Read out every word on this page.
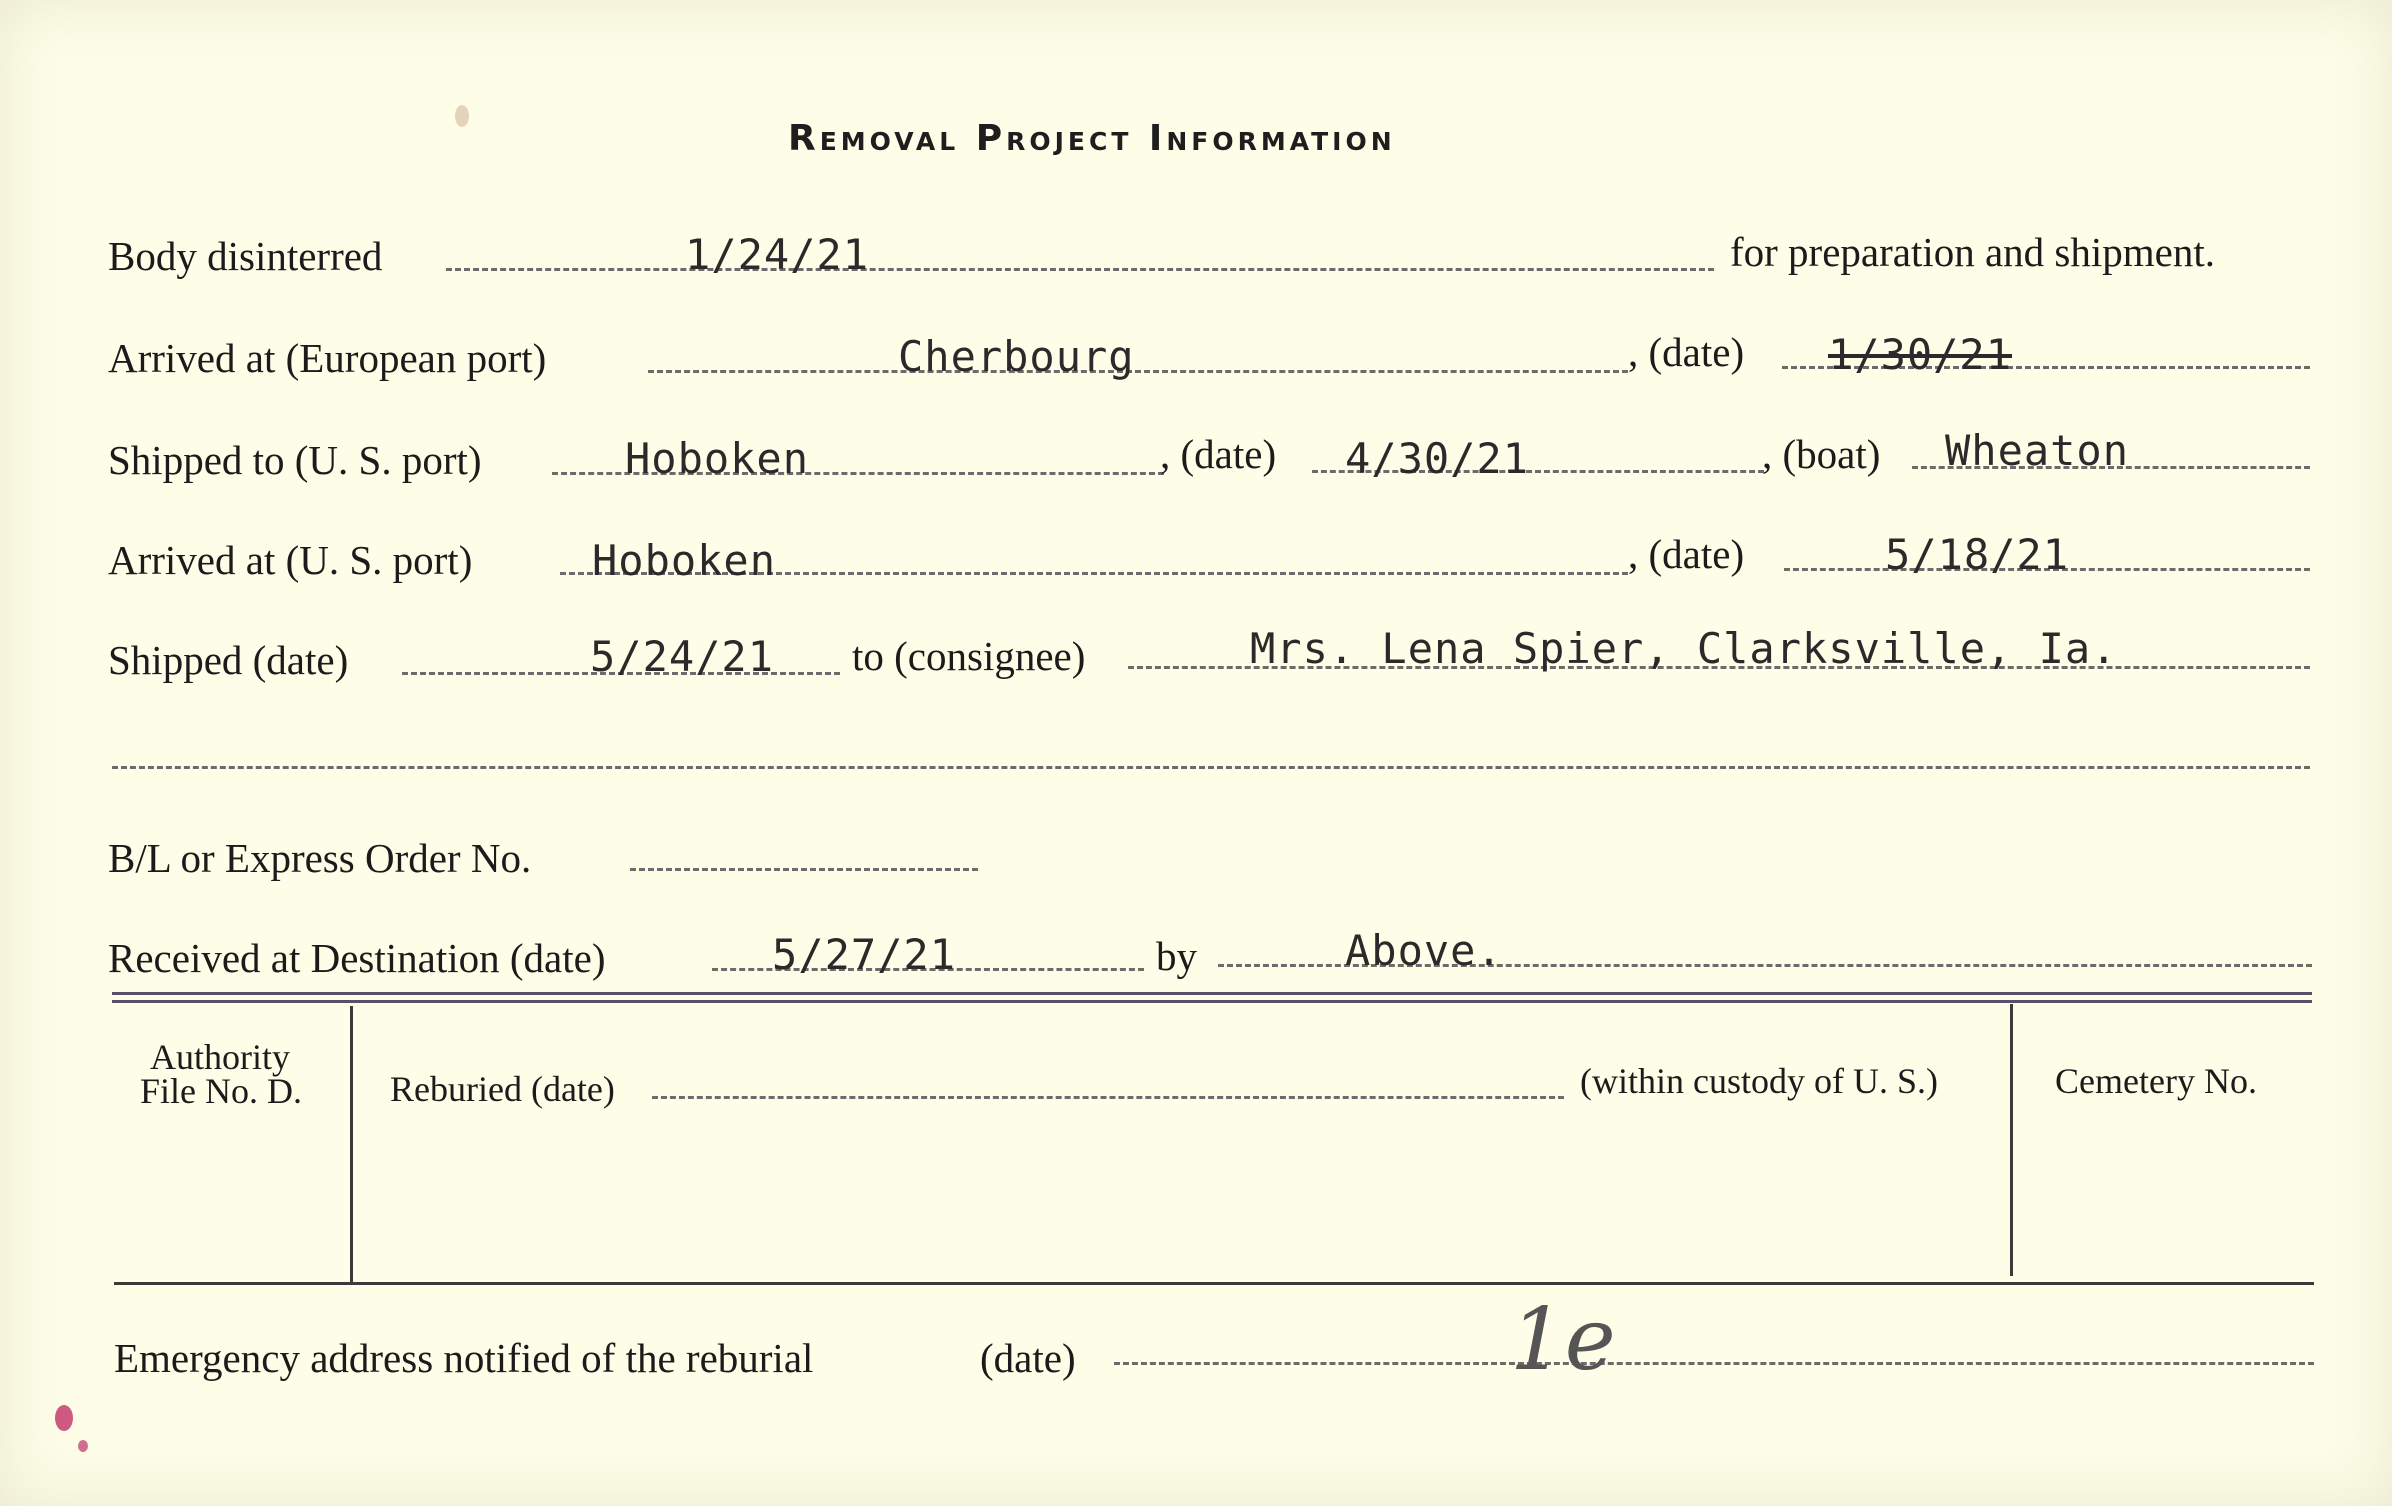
Removal Project Information
Body disinterred	1/24/21	for preparation and shipment.
Arrived at (European port)	Cherbourg	, (date) 1/30/21
Shipped to (U. S. port)	Hoboken	, (date) 4/30/21	, (boat) Wheaton
Arrived at (U. S. port)	Hoboken	, (date)	5/18/21
Shipped (date)	5/24/21 to (consignee)	Mrs. Lena Spier, Clarksville, Ia.
B/L or Express Order No.
Received at Destination (date)	5/27/21	by	Above.
Authority
File No. D. Reburied (date)	(within custody of U. S.)	Cemetery No.
Emergency address notified of the reburial	(date)	1e
